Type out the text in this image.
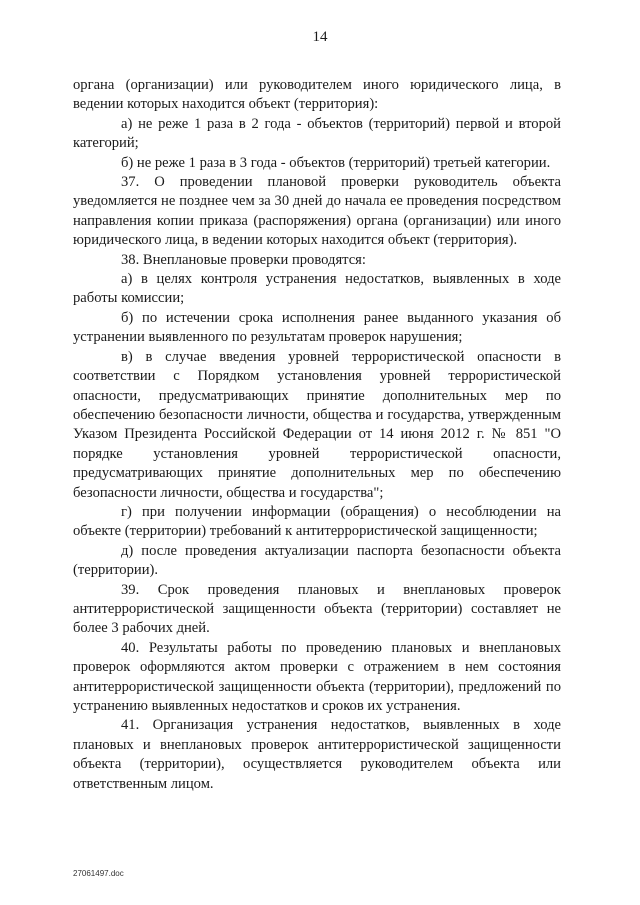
14

органа (организации) или руководителем иного юридического лица, в ведении которых находится объект (территория):

а) не реже 1 раза в 2 года - объектов (территорий) первой и второй категорий;

б) не реже 1 раза в 3 года - объектов (территорий) третьей категории.

37. О проведении плановой проверки руководитель объекта уведомляется не позднее чем за 30 дней до начала ее проведения посредством направления копии приказа (распоряжения) органа (организации) или иного юридического лица, в ведении которых находится объект (территория).

38. Внеплановые проверки проводятся:

а) в целях контроля устранения недостатков, выявленных в ходе работы комиссии;

б) по истечении срока исполнения ранее выданного указания об устранении выявленного по результатам проверок нарушения;

в) в случае введения уровней террористической опасности в соответствии с Порядком установления уровней террористической опасности, предусматривающих принятие дополнительных мер по обеспечению безопасности личности, общества и государства, утвержденным Указом Президента Российской Федерации от 14 июня 2012 г. № 851 "О порядке установления уровней террористической опасности, предусматривающих принятие дополнительных мер по обеспечению безопасности личности, общества и государства";

г) при получении информации (обращения) о несоблюдении на объекте (территории) требований к антитеррористической защищенности;

д) после проведения актуализации паспорта безопасности объекта (территории).

39. Срок проведения плановых и внеплановых проверок антитеррористической защищенности объекта (территории) составляет не более 3 рабочих дней.

40. Результаты работы по проведению плановых и внеплановых проверок оформляются актом проверки с отражением в нем состояния антитеррористической защищенности объекта (территории), предложений по устранению выявленных недостатков и сроков их устранения.

41. Организация устранения недостатков, выявленных в ходе плановых и внеплановых проверок антитеррористической защищенности объекта (территории), осуществляется руководителем объекта или ответственным лицом.

27061497.doc
